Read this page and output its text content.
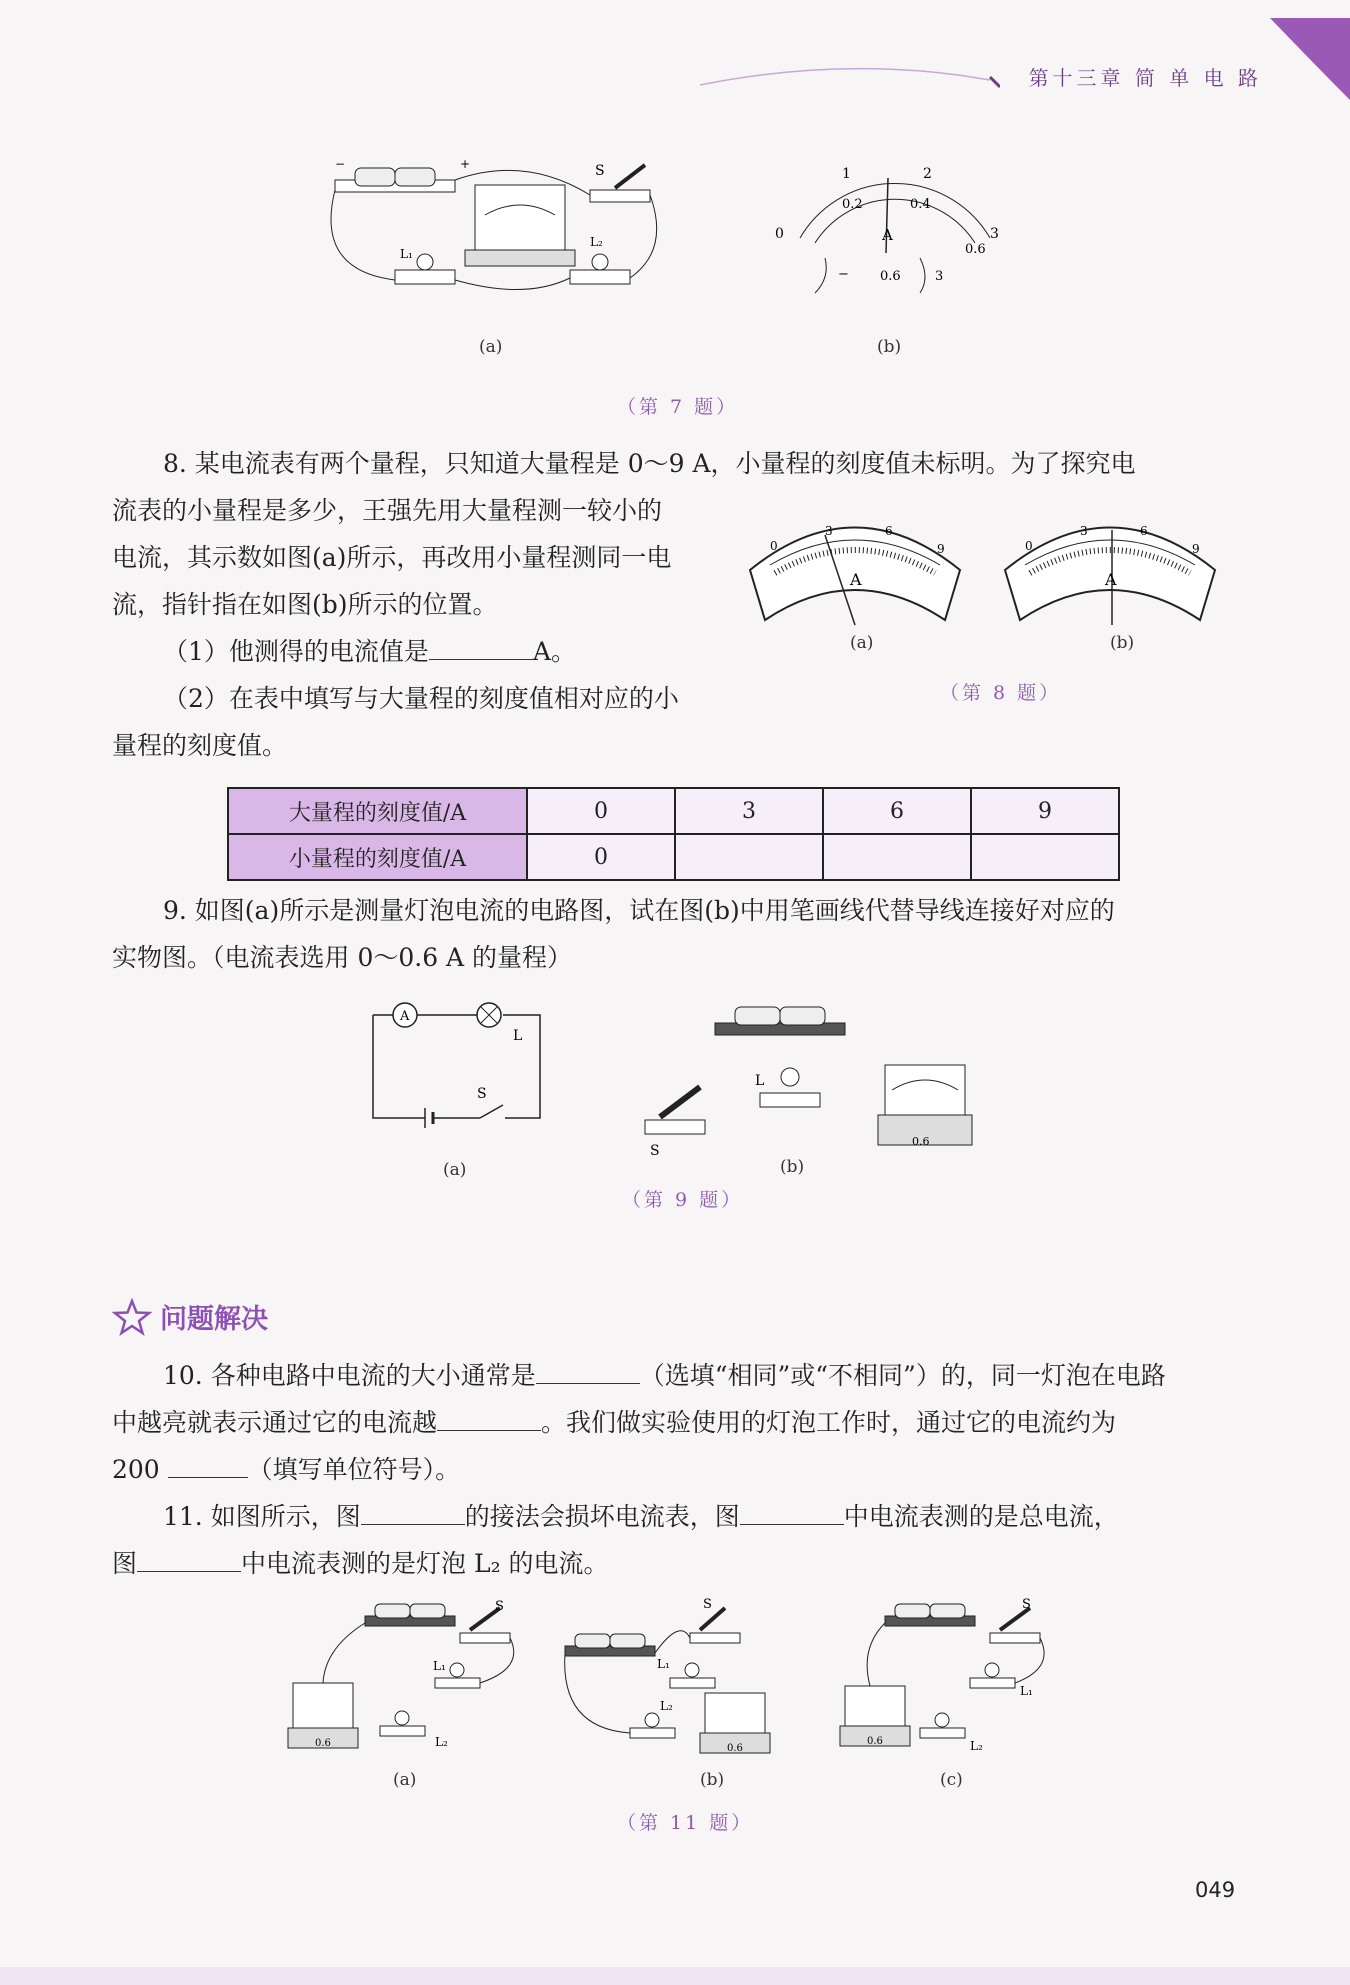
第十三章 简 单 电 路
−	+	S
L₁
L₂
(a)
0
1	2
3
0.2	0.4
0.6
A
− 0.6	3
(b)
（第 7 题）
8. 某电流表有两个量程，只知道大量程是 0～9 A，小量程的刻度值未标明。为了探究电
流表的小量程是多少，王强先用大量程测一较小的
电流，其示数如图(a)所示，再改用小量程测同一电
流，指针指在如图(b)所示的位置。
（1）他测得的电流值是	A。
（2）在表中填写与大量程的刻度值相对应的小
量程的刻度值。
0
3	6
9
A
0
3	6
9
A
(a)	(b)
（第 8 题）
大量程的刻度值/A	0	3	6	9
小量程的刻度值/A	0			
9. 如图(a)所示是测量灯泡电流的电路图，试在图(b)中用笔画线代替导线连接好对应的
实物图。（电流表选用 0～0.6 A 的量程）
A
L
S
(a)
S
L
0.6
(b)
（第 9 题）
问题解决
10. 各种电路中电流的大小通常是	（选填“相同”或“不相同”）的，同一灯泡在电路
中越亮就表示通过它的电流越	。我们做实验使用的灯泡工作时，通过它的电流约为
200	（填写单位符号）。
11. 如图所示，图	的接法会损坏电流表，图	中电流表测的是总电流，
图	中电流表测的是灯泡 L₂ 的电流。
S
L₁
L₂
0.6
S
L₁
L₂
0.6
S
L₁
L₂
0.6
(a)	(b)	(c)
（第 11 题）
049
